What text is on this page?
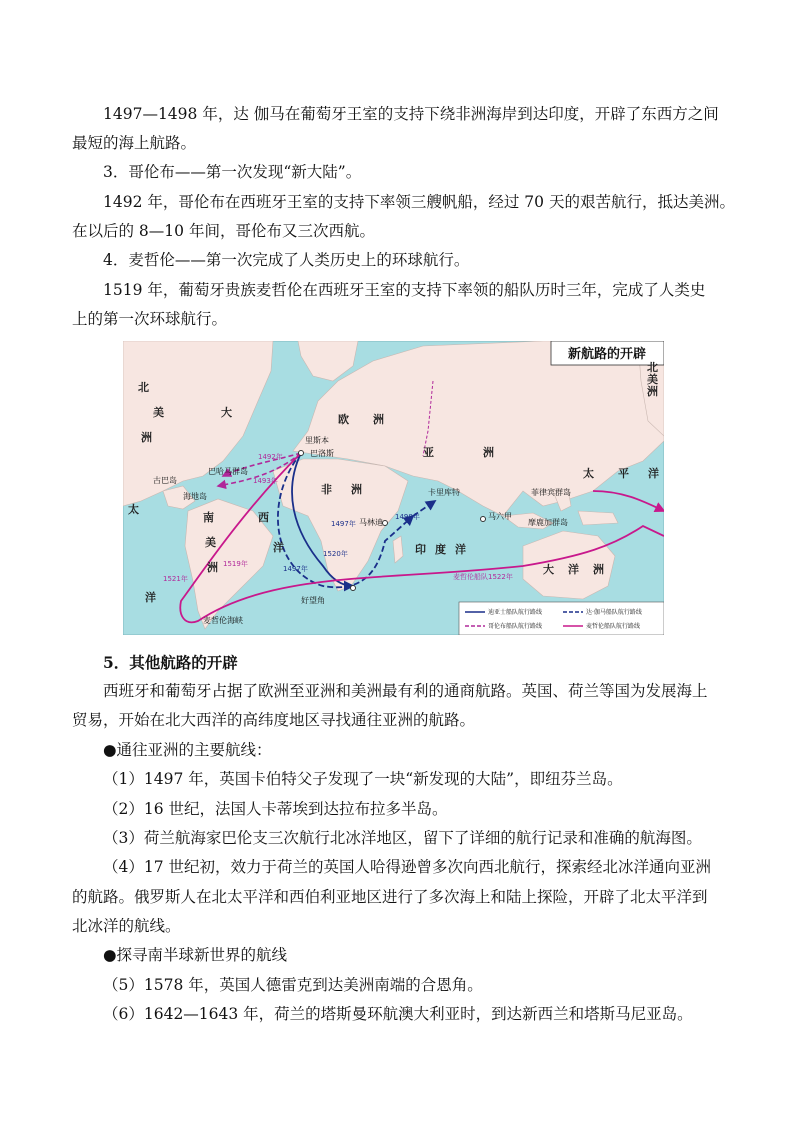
1497—1498 年，达 伽马在葡萄牙王室的支持下绕非洲海岸到达印度，开辟了东西方之间

最短的海上航路。

3．哥伦布——第一次发现“新大陆”。

1492 年，哥伦布在西班牙王室的支持下率领三艘帆船，经过 70 天的艰苦航行，抵达美洲。

在以后的 8—10 年间，哥伦布又三次西航。

4．麦哲伦——第一次完成了人类历史上的环球航行。

1519 年，葡萄牙贵族麦哲伦在西班牙王室的支持下率领的船队历时三年，完成了人类史

上的第一次环球航行。

新航路的开辟
北
美
洲
欧 洲
亚	洲
非 洲
大
西
洋
南
美
洲
太 平 洋
印 度 洋
大 洋 洲
北
美
洲
太
洋
里斯本
巴洛斯
巴哈马群岛
古巴岛
海地岛	卡里库特
马林迪
马六甲
菲律宾群岛
摩鹿加群岛
好望角
麦哲伦海峡
1492年
1493年
1519年
1521年	麦哲伦船队1522年
1497年
1497年
1498年
1520年
迪亚士船队航行路线	达·伽马船队航行路线
哥伦布船队航行路线	麦哲伦船队航行路线

5．其他航路的开辟

西班牙和葡萄牙占据了欧洲至亚洲和美洲最有利的通商航路。英国、荷兰等国为发展海上

贸易，开始在北大西洋的高纬度地区寻找通往亚洲的航路。

●通往亚洲的主要航线：

（1）1497 年，英国卡伯特父子发现了一块“新发现的大陆”，即纽芬兰岛。

（2）16 世纪，法国人卡蒂埃到达拉布拉多半岛。

（3）荷兰航海家巴伦支三次航行北冰洋地区，留下了详细的航行记录和准确的航海图。

（4）17 世纪初，效力于荷兰的英国人哈得逊曾多次向西北航行，探索经北冰洋通向亚洲

的航路。俄罗斯人在北太平洋和西伯利亚地区进行了多次海上和陆上探险，开辟了北太平洋到

北冰洋的航线。

●探寻南半球新世界的航线

（5）1578 年，英国人德雷克到达美洲南端的合恩角。

（6）1642—1643 年，荷兰的塔斯曼环航澳大利亚时，到达新西兰和塔斯马尼亚岛。
